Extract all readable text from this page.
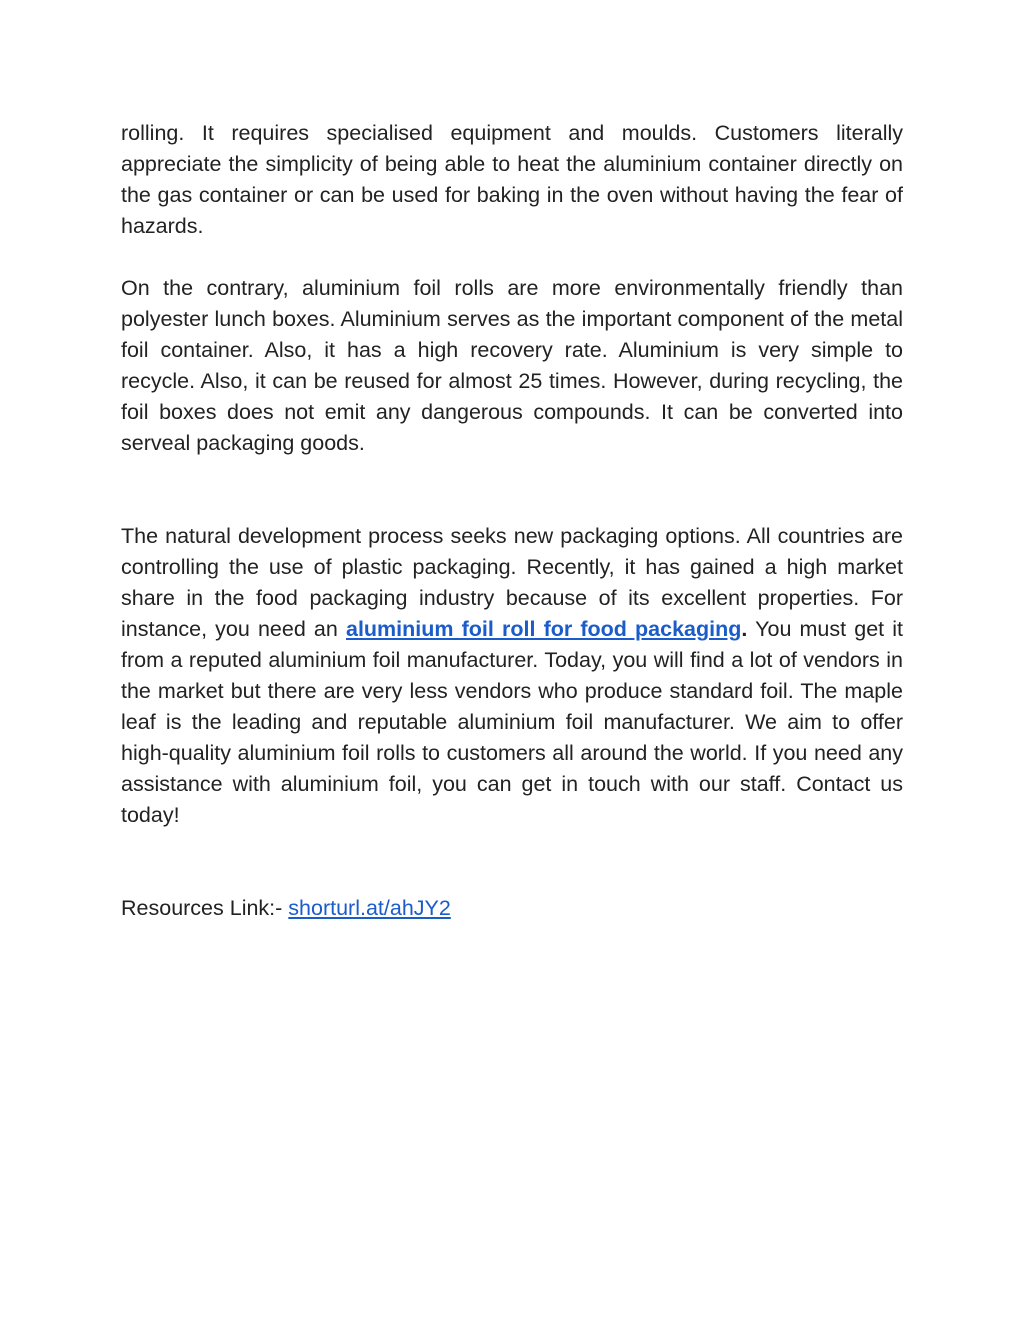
rolling. It requires specialised equipment and moulds. Customers literally appreciate the simplicity of being able to heat the aluminium container directly on the gas container or can be used for baking in the oven without having the fear of hazards.

On the contrary, aluminium foil rolls are more environmentally friendly than polyester lunch boxes. Aluminium serves as the important component of the metal foil container. Also, it has a high recovery rate. Aluminium is very simple to recycle. Also, it can be reused for almost 25 times. However, during recycling, the foil boxes does not emit any dangerous compounds. It can be converted into serveal packaging goods.

The natural development process seeks new packaging options. All countries are controlling the use of plastic packaging. Recently, it has gained a high market share in the food packaging industry because of its excellent properties. For instance, you need an aluminium foil roll for food packaging. You must get it from a reputed aluminium foil manufacturer. Today, you will find a lot of vendors in the market but there are very less vendors who produce standard foil. The maple leaf is the leading and reputable aluminium foil manufacturer. We aim to offer high-quality aluminium foil rolls to customers all around the world. If you need any assistance with aluminium foil, you can get in touch with our staff. Contact us today!

Resources Link:- shorturl.at/ahJY2
